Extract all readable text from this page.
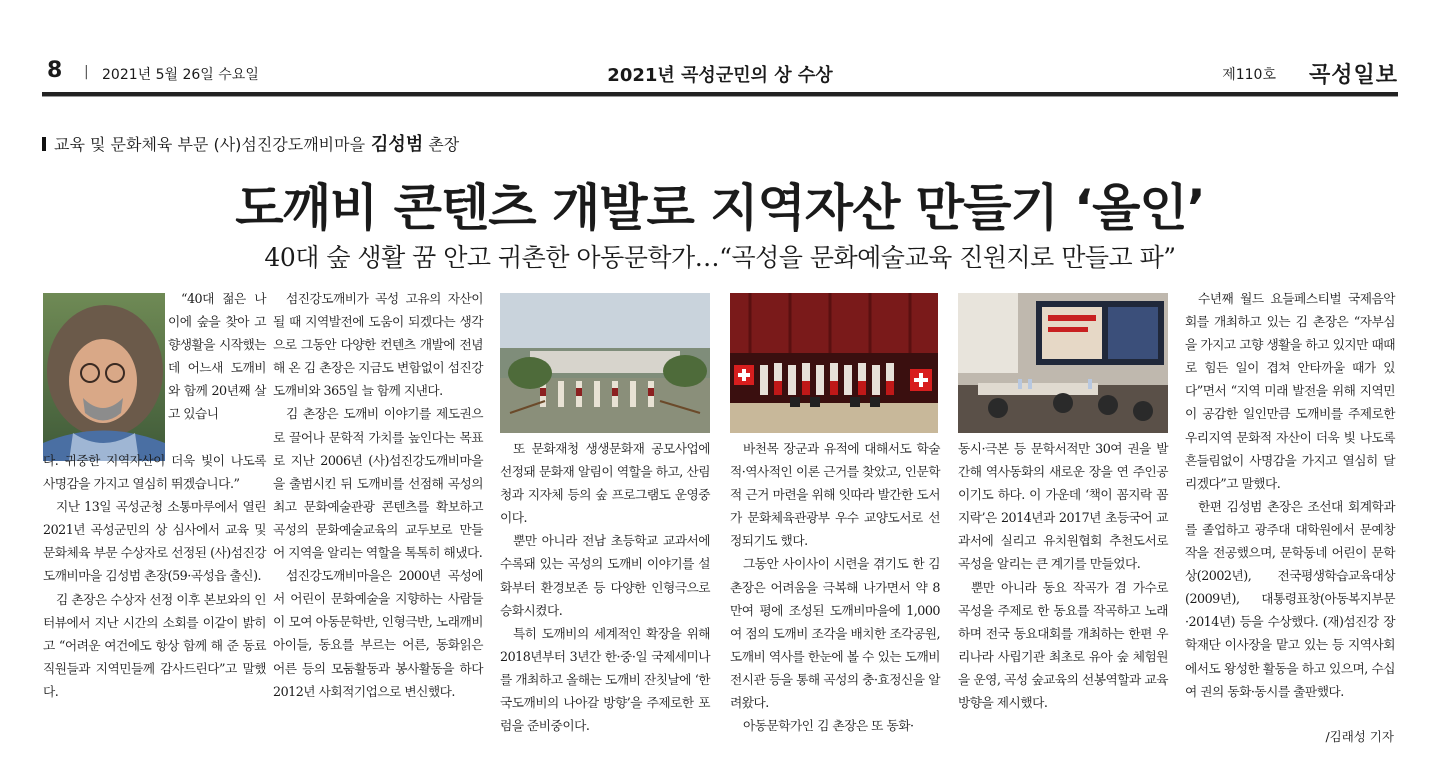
8 | 2021년 5월 26일 수요일	2021년 곡성군민의 상 수상	제110호 곡성일보
교육 및 문화체육 부문 (사)섬진강도깨비마을 김성범 촌장
도깨비 콘텐츠 개발로 지역자산 만들기 ‘올인’
40대 숲 생활 꿈 안고 귀촌한 아동문학가…“곡성을 문화예술교육 진원지로 만들고 파”

“40대 젊은 나이에 숲을 찾아 고향생활을 시작했는데 어느새 도깨비와 함께 20년째 살고 있습니

다. 귀중한 지역자산이 더욱 빛이 나도록 사명감을 가지고 열심히 뛰겠습니다.”

지난 13일 곡성군청 소통마루에서 열린 2021년 곡성군민의 상 심사에서 교육 및 문화체육 부문 수상자로 선정된 (사)섬진강도깨비마을 김성범 촌장(59·곡성읍 출신).

김 촌장은 수상자 선정 이후 본보와의 인터뷰에서 지난 시간의 소회를 이같이 밝히고 “어려운 여건에도 항상 함께 해 준 동료 직원들과 지역민들께 감사드린다”고 말했다.

섬진강도깨비가 곡성 고유의 자산이 될 때 지역발전에 도움이 되겠다는 생각으로 그동안 다양한 컨텐츠 개발에 전념해 온 김 촌장은 지금도 변함없이 섬진강도깨비와 365일 늘 함께 지낸다.

김 촌장은 도깨비 이야기를 제도권으로 끌어나 문학적 가치를 높인다는 목표로 지난 2006년 (사)섬진강도깨비마을을 출범시킨 뒤 도깨비를 선점해 곡성의 최고 문화예술관광 콘텐츠를 확보하고 곡성의 문화예술교육의 교두보로 만들어 지역을 알리는 역할을 톡톡히 해냈다.

섬진강도깨비마을은 2000년 곡성에서 어린이 문화예술을 지향하는 사람들이 모여 아동문학반, 인형극반, 노래깨비아이들, 동요를 부르는 어른, 동화읽은 어른 등의 모둠활동과 봉사활동을 하다 2012년 사회적기업으로 변신했다.

또 문화재청 생생문화재 공모사업에 선정돼 문화재 알림이 역할을 하고, 산림청과 지자체 등의 숲 프로그램도 운영중이다.

뿐만 아니라 전남 초등학교 교과서에 수록돼 있는 곡성의 도깨비 이야기를 설화부터 환경보존 등 다양한 인형극으로 승화시켰다.

특히 도깨비의 세계적인 확장을 위해 2018년부터 3년간 한·중·일 국제세미나를 개최하고 올해는 도깨비 잔칫날에 ‘한국도깨비의 나아갈 방향’을 주제로한 포럼을 준비중이다.

바천목 장군과 유적에 대해서도 학술적·역사적인 이론 근거를 찾았고, 인문학적 근거 마련을 위해 잇따라 발간한 도서가 문화체육관광부 우수 교양도서로 선정되기도 했다.

그동안 사이사이 시련을 겪기도 한 김 촌장은 어려움을 극복해 나가면서 약 8만여 평에 조성된 도깨비마을에 1,000여 점의 도깨비 조각을 배치한 조각공원, 도깨비 역사를 한눈에 볼 수 있는 도깨비 전시관 등을 통해 곡성의 충·효정신을 알려왔다.

아동문학가인 김 촌장은 또 동화·

동시·극본 등 문학서적만 30여 권을 발간해 역사동화의 새로운 장을 연 주인공이기도 하다. 이 가운데 ‘책이 꼼지락 꼼지락’은 2014년과 2017년 초등국어 교과서에 실리고 유치원협회 추천도서로 곡성을 알리는 큰 계기를 만들었다.

뿐만 아니라 동요 작곡가 겸 가수로 곡성을 주제로 한 동요를 작곡하고 노래하며 전국 동요대회를 개최하는 한편 우리나라 사립기관 최초로 유아 숲 체험원을 운영, 곡성 숲교육의 선봉역할과 교육방향을 제시했다.

수년째 월드 요들페스티벌 국제음악회를 개최하고 있는 김 촌장은 “자부심을 가지고 고향 생활을 하고 있지만 때때로 힘든 일이 겹쳐 안타까울 때가 있다”면서 “지역 미래 발전을 위해 지역민이 공감한 일인만큼 도깨비를 주제로한 우리지역 문화적 자산이 더욱 빛 나도록 흔들림없이 사명감을 가지고 열심히 달리겠다”고 말했다.

한편 김성범 촌장은 조선대 회계학과를 졸업하고 광주대 대학원에서 문예창작을 전공했으며, 문학동네 어린이 문학상(2002년), 전국평생학습교육대상(2009년), 대통령표창(아동복지부문·2014년) 등을 수상했다. (재)섬진강 장학재단 이사장을 맡고 있는 등 지역사회에서도 왕성한 활동을 하고 있으며, 수십여 권의 동화·동시를 출판했다.

/김래성 기자
